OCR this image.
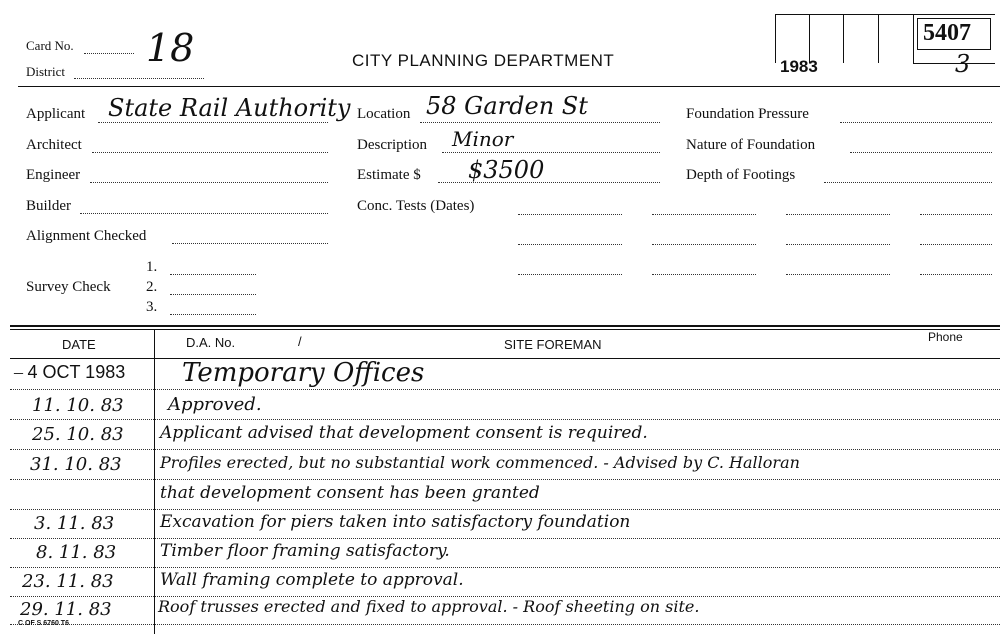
Card No. 18
District
CITY PLANNING DEPARTMENT	1983	3
5407
Applicant State Rail Authority
Architect
Engineer
Builder
Alignment Checked
Survey Check
1.
2.
3.
Location 58 Garden St
Description Minor
Estimate $ $3500
Conc. Tests (Dates)
Foundation Pressure
Nature of Foundation
Depth of Footings
DATE	D.A. No.	/	SITE FOREMAN	Phone
– 4 OCT 1983 Temporary Offices
11. 10. 83 Approved.
25. 10. 83 Applicant advised that development consent is required.
31. 10. 83 Profiles erected, but no substantial work commenced. - Advised by C. Halloran
that development consent has been granted
3. 11. 83	Excavation for piers taken into satisfactory foundation
8. 11. 83	Timber floor framing satisfactory.
23. 11. 83	Wall framing complete to approval.
29. 11. 83	Roof trusses erected and fixed to approval. - Roof sheeting on site.
C OF S 6760 T6
